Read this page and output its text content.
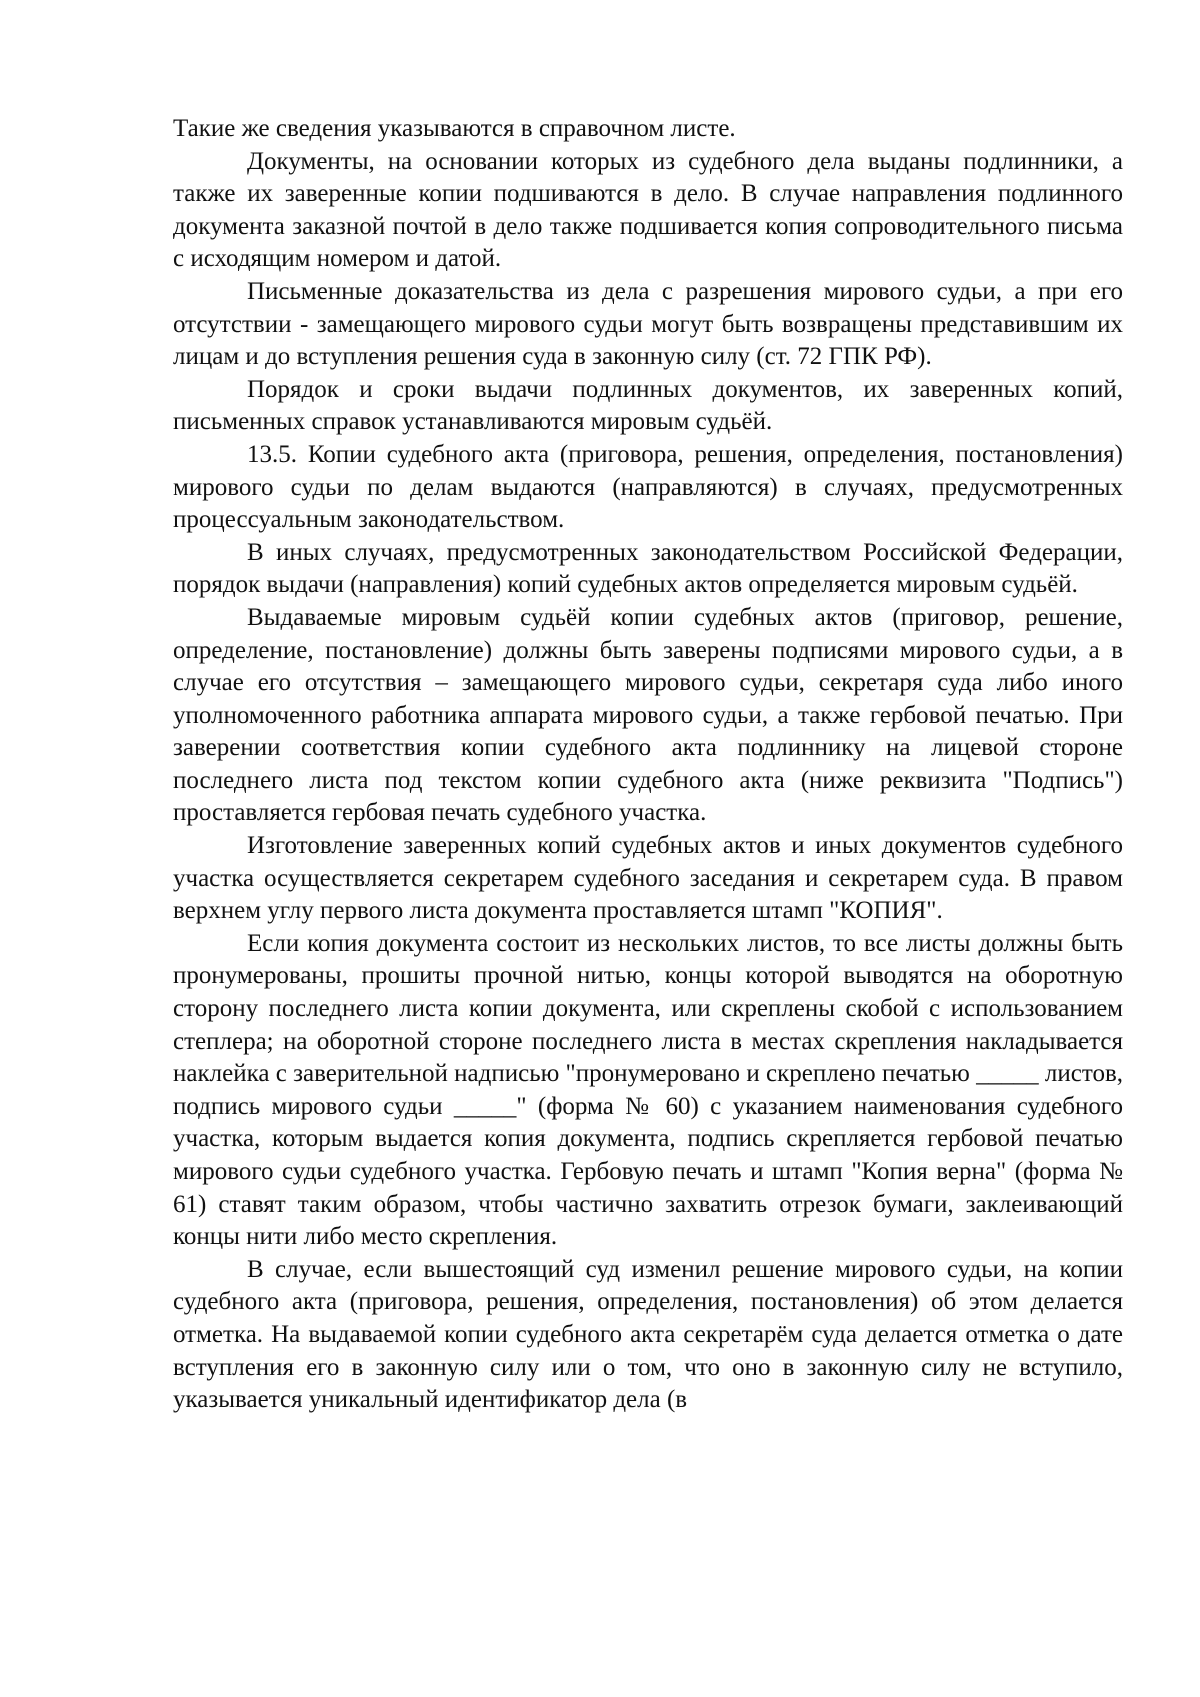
Такие же сведения указываются в справочном листе.

Документы, на основании которых из судебного дела выданы подлинники, а также их заверенные копии подшиваются в дело. В случае направления подлинного документа заказной почтой в дело также подшивается копия сопроводительного письма с исходящим номером и датой.

Письменные доказательства из дела с разрешения мирового судьи, а при его отсутствии - замещающего мирового судьи могут быть возвращены представившим их лицам и до вступления решения суда в законную силу (ст. 72 ГПК РФ).

Порядок и сроки выдачи подлинных документов, их заверенных копий, письменных справок устанавливаются мировым судьёй.

13.5. Копии судебного акта (приговора, решения, определения, постановления) мирового судьи по делам выдаются (направляются) в случаях, предусмотренных процессуальным законодательством.

В иных случаях, предусмотренных законодательством Российской Федерации, порядок выдачи (направления) копий судебных актов определяется мировым судьёй.

Выдаваемые мировым судьёй копии судебных актов (приговор, решение, определение, постановление) должны быть заверены подписями мирового судьи, а в случае его отсутствия – замещающего мирового судьи, секретаря суда либо иного уполномоченного работника аппарата мирового судьи, а также гербовой печатью. При заверении соответствия копии судебного акта подлиннику на лицевой стороне последнего листа под текстом копии судебного акта (ниже реквизита "Подпись") проставляется гербовая печать судебного участка.

Изготовление заверенных копий судебных актов и иных документов судебного участка осуществляется секретарем судебного заседания и секретарем суда. В правом верхнем углу первого листа документа проставляется штамп "КОПИЯ".

Если копия документа состоит из нескольких листов, то все листы должны быть пронумерованы, прошиты прочной нитью, концы которой выводятся на оборотную сторону последнего листа копии документа, или скреплены скобой с использованием степлера; на оборотной стороне последнего листа в местах скрепления накладывается наклейка с заверительной надписью "пронумеровано и скреплено печатью _____ листов, подпись мирового судьи _____" (форма № 60) с указанием наименования судебного участка, которым выдается копия документа, подпись скрепляется гербовой печатью мирового судьи судебного участка. Гербовую печать и штамп "Копия верна" (форма № 61) ставят таким образом, чтобы частично захватить отрезок бумаги, заклеивающий концы нити либо место скрепления.

В случае, если вышестоящий суд изменил решение мирового судьи, на копии судебного акта (приговора, решения, определения, постановления) об этом делается отметка. На выдаваемой копии судебного акта секретарём суда делается отметка о дате вступления его в законную силу или о том, что оно в законную силу не вступило, указывается уникальный идентификатор дела (в
